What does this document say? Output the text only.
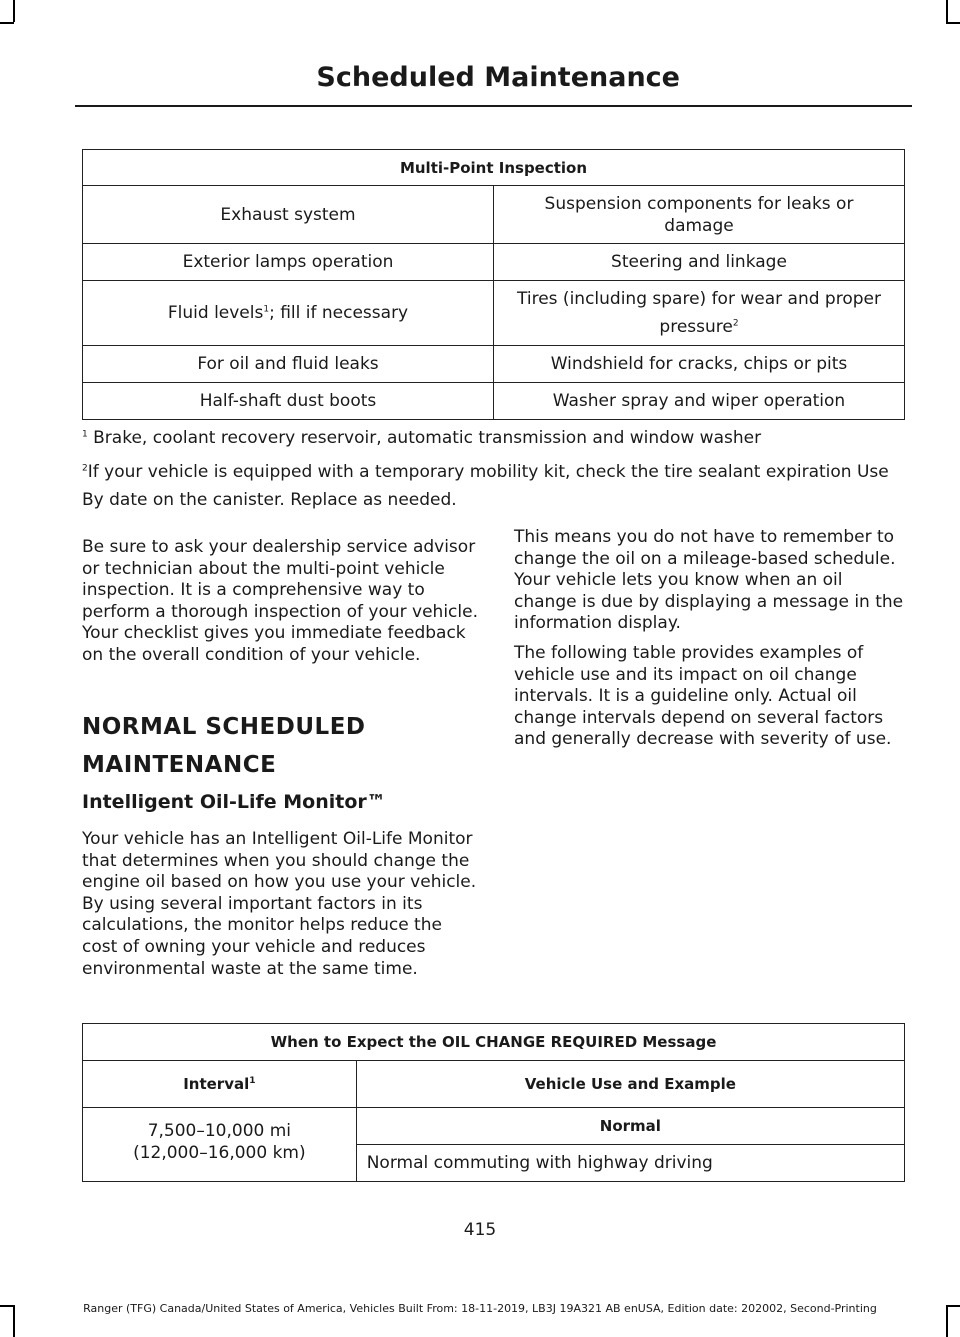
Scheduled Maintenance
Multi-Point Inspection	
Exhaust system	Suspension components for leaks or damage
Exterior lamps operation	Steering and linkage
Fluid levels$^1$; fill if necessary	Tires (including spare) for wear and proper pressure$^2$
For oil and fluid leaks	Windshield for cracks, chips or pits
Half-shaft dust boots	Washer spray and wiper operation
$^1$ Brake, coolant recovery reservoir, automatic transmission and window washer
$^2$If your vehicle is equipped with a temporary mobility kit, check the tire sealant expiration Use By date on the canister. Replace as needed.

Be sure to ask your dealership service advisor or technician about the multi-point vehicle inspection. It is a comprehensive way to perform a thorough inspection of your vehicle. Your checklist gives you immediate feedback on the overall condition of your vehicle.

NORMAL SCHEDULED
MAINTENANCE
Intelligent Oil-Life Monitor™

Your vehicle has an Intelligent Oil-Life Monitor that determines when you should change the engine oil based on how you use your vehicle. By using several important factors in its calculations, the monitor helps reduce the cost of owning your vehicle and reduces environmental waste at the same time.

This means you do not have to remember to change the oil on a mileage-based schedule. Your vehicle lets you know when an oil change is due by displaying a message in the information display.

The following table provides examples of vehicle use and its impact on oil change intervals. It is a guideline only. Actual oil change intervals depend on several factors and generally decrease with severity of use.

When to Expect the OIL CHANGE REQUIRED Message	
Interval$^1$	Vehicle Use and Example

7,500–10,000 mi
(12,000–16,000 km)	Normal
	Normal commuting with highway driving
415
Ranger (TFG) Canada/United States of America, Vehicles Built From: 18-11-2019, LB3J 19A321 AB enUSA, Edition date: 202002, Second-Printing
